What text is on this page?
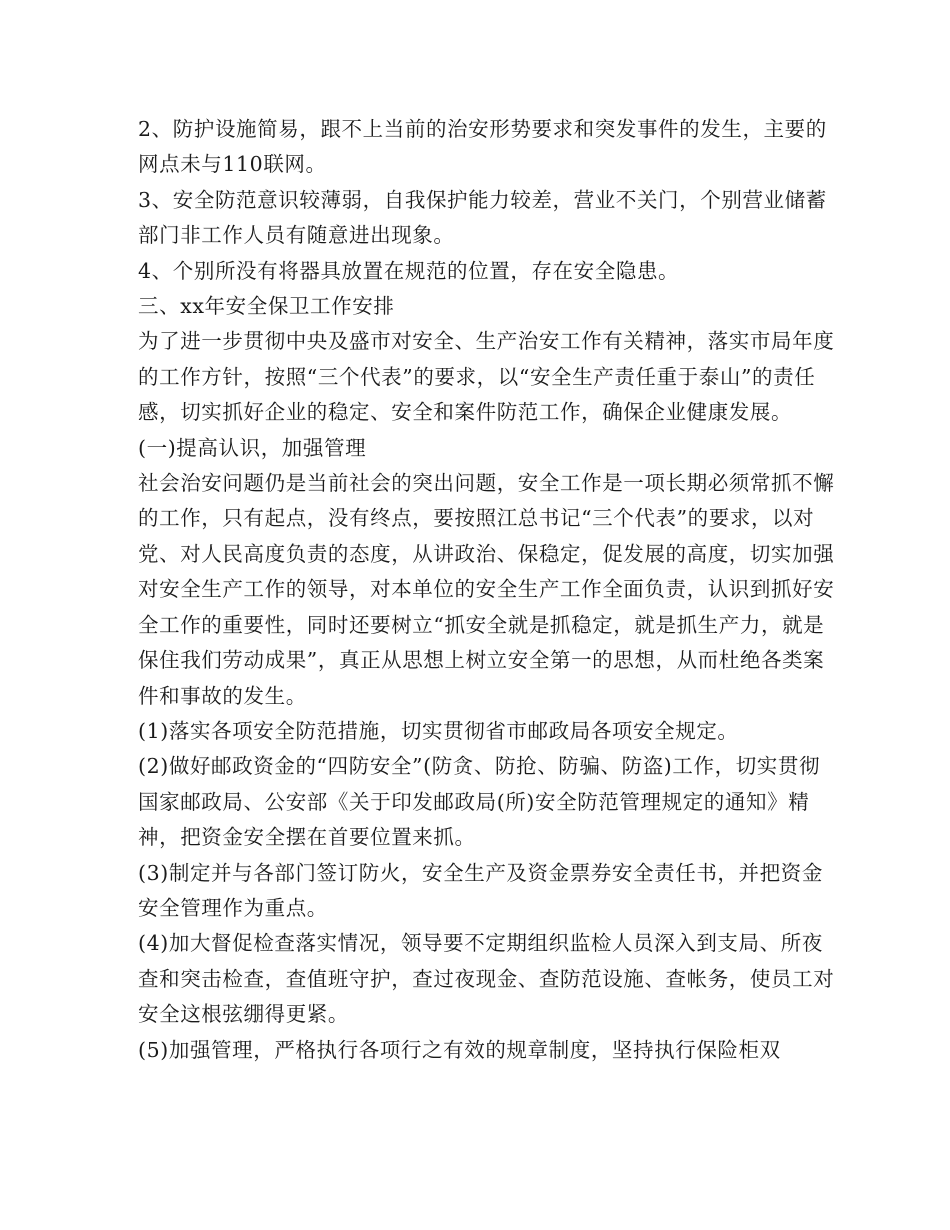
2、防护设施简易，跟不上当前的治安形势要求和突发事件的发生，主要的网点未与110联网。

3、安全防范意识较薄弱，自我保护能力较差，营业不关门，个别营业储蓄部门非工作人员有随意进出现象。

4、个别所没有将器具放置在规范的位置，存在安全隐患。

三、xx年安全保卫工作安排

为了进一步贯彻中央及盛市对安全、生产治安工作有关精神，落实市局年度的工作方针，按照“三个代表”的要求，以“安全生产责任重于泰山”的责任感，切实抓好企业的稳定、安全和案件防范工作，确保企业健康发展。

(一)提高认识，加强管理

社会治安问题仍是当前社会的突出问题，安全工作是一项长期必须常抓不懈的工作，只有起点，没有终点，要按照江总书记“三个代表”的要求，以对党、对人民高度负责的态度，从讲政治、保稳定，促发展的高度，切实加强对安全生产工作的领导，对本单位的安全生产工作全面负责，认识到抓好安全工作的重要性，同时还要树立“抓安全就是抓稳定，就是抓生产力，就是保住我们劳动成果”，真正从思想上树立安全第一的思想，从而杜绝各类案件和事故的发生。

(1)落实各项安全防范措施，切实贯彻省市邮政局各项安全规定。

(2)做好邮政资金的“四防安全”(防贪、防抢、防骗、防盗)工作，切实贯彻国家邮政局、公安部《关于印发邮政局(所)安全防范管理规定的通知》精神，把资金安全摆在首要位置来抓。

(3)制定并与各部门签订防火，安全生产及资金票券安全责任书，并把资金安全管理作为重点。

(4)加大督促检查落实情况，领导要不定期组织监检人员深入到支局、所夜查和突击检查，查值班守护，查过夜现金、查防范设施、查帐务，使员工对安全这根弦绷得更紧。

(5)加强管理，严格执行各项行之有效的规章制度，坚持执行保险柜双
